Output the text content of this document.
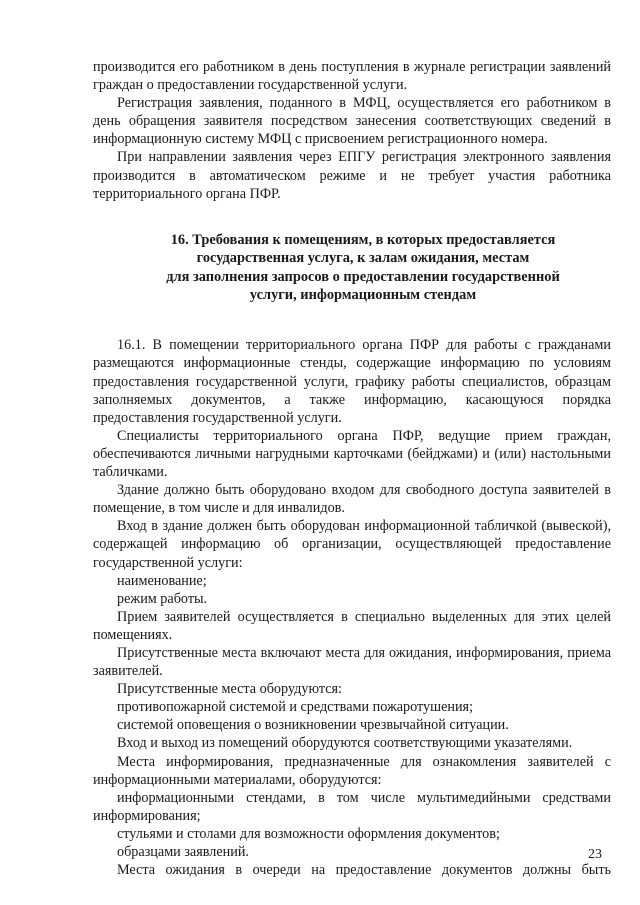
производится его работником в день поступления в журнале регистрации заявлений граждан о предоставлении государственной услуги.

Регистрация заявления, поданного в МФЦ, осуществляется его работником в день обращения заявителя посредством занесения соответствующих сведений в информационную систему МФЦ с присвоением регистрационного номера.

При направлении заявления через ЕПГУ регистрация электронного заявления производится в автоматическом режиме и не требует участия работника территориального органа ПФР.

16. Требования к помещениям, в которых предоставляется
государственная услуга, к залам ожидания, местам
для заполнения запросов о предоставлении государственной
услуги, информационным стендам

16.1. В помещении территориального органа ПФР для работы с гражданами размещаются информационные стенды, содержащие информацию по условиям предоставления государственной услуги, графику работы специалистов, образцам заполняемых документов, а также информацию, касающуюся порядка предоставления государственной услуги.

Специалисты территориального органа ПФР, ведущие прием граждан, обеспечиваются личными нагрудными карточками (бейджами) и (или) настольными табличками.

Здание должно быть оборудовано входом для свободного доступа заявителей в помещение, в том числе и для инвалидов.

Вход в здание должен быть оборудован информационной табличкой (вывеской), содержащей информацию об организации, осуществляющей предоставление государственной услуги:

наименование;

режим работы.

Прием заявителей осуществляется в специально выделенных для этих целей помещениях.

Присутственные места включают места для ожидания, информирования, приема заявителей.

Присутственные места оборудуются:

противопожарной системой и средствами пожаротушения;

системой оповещения о возникновении чрезвычайной ситуации.

Вход и выход из помещений оборудуются соответствующими указателями.

Места информирования, предназначенные для ознакомления заявителей с информационными материалами, оборудуются:

информационными стендами, в том числе мультимедийными средствами информирования;

стульями и столами для возможности оформления документов;

образцами заявлений.

Места ожидания в очереди на предоставление документов должны быть

23
